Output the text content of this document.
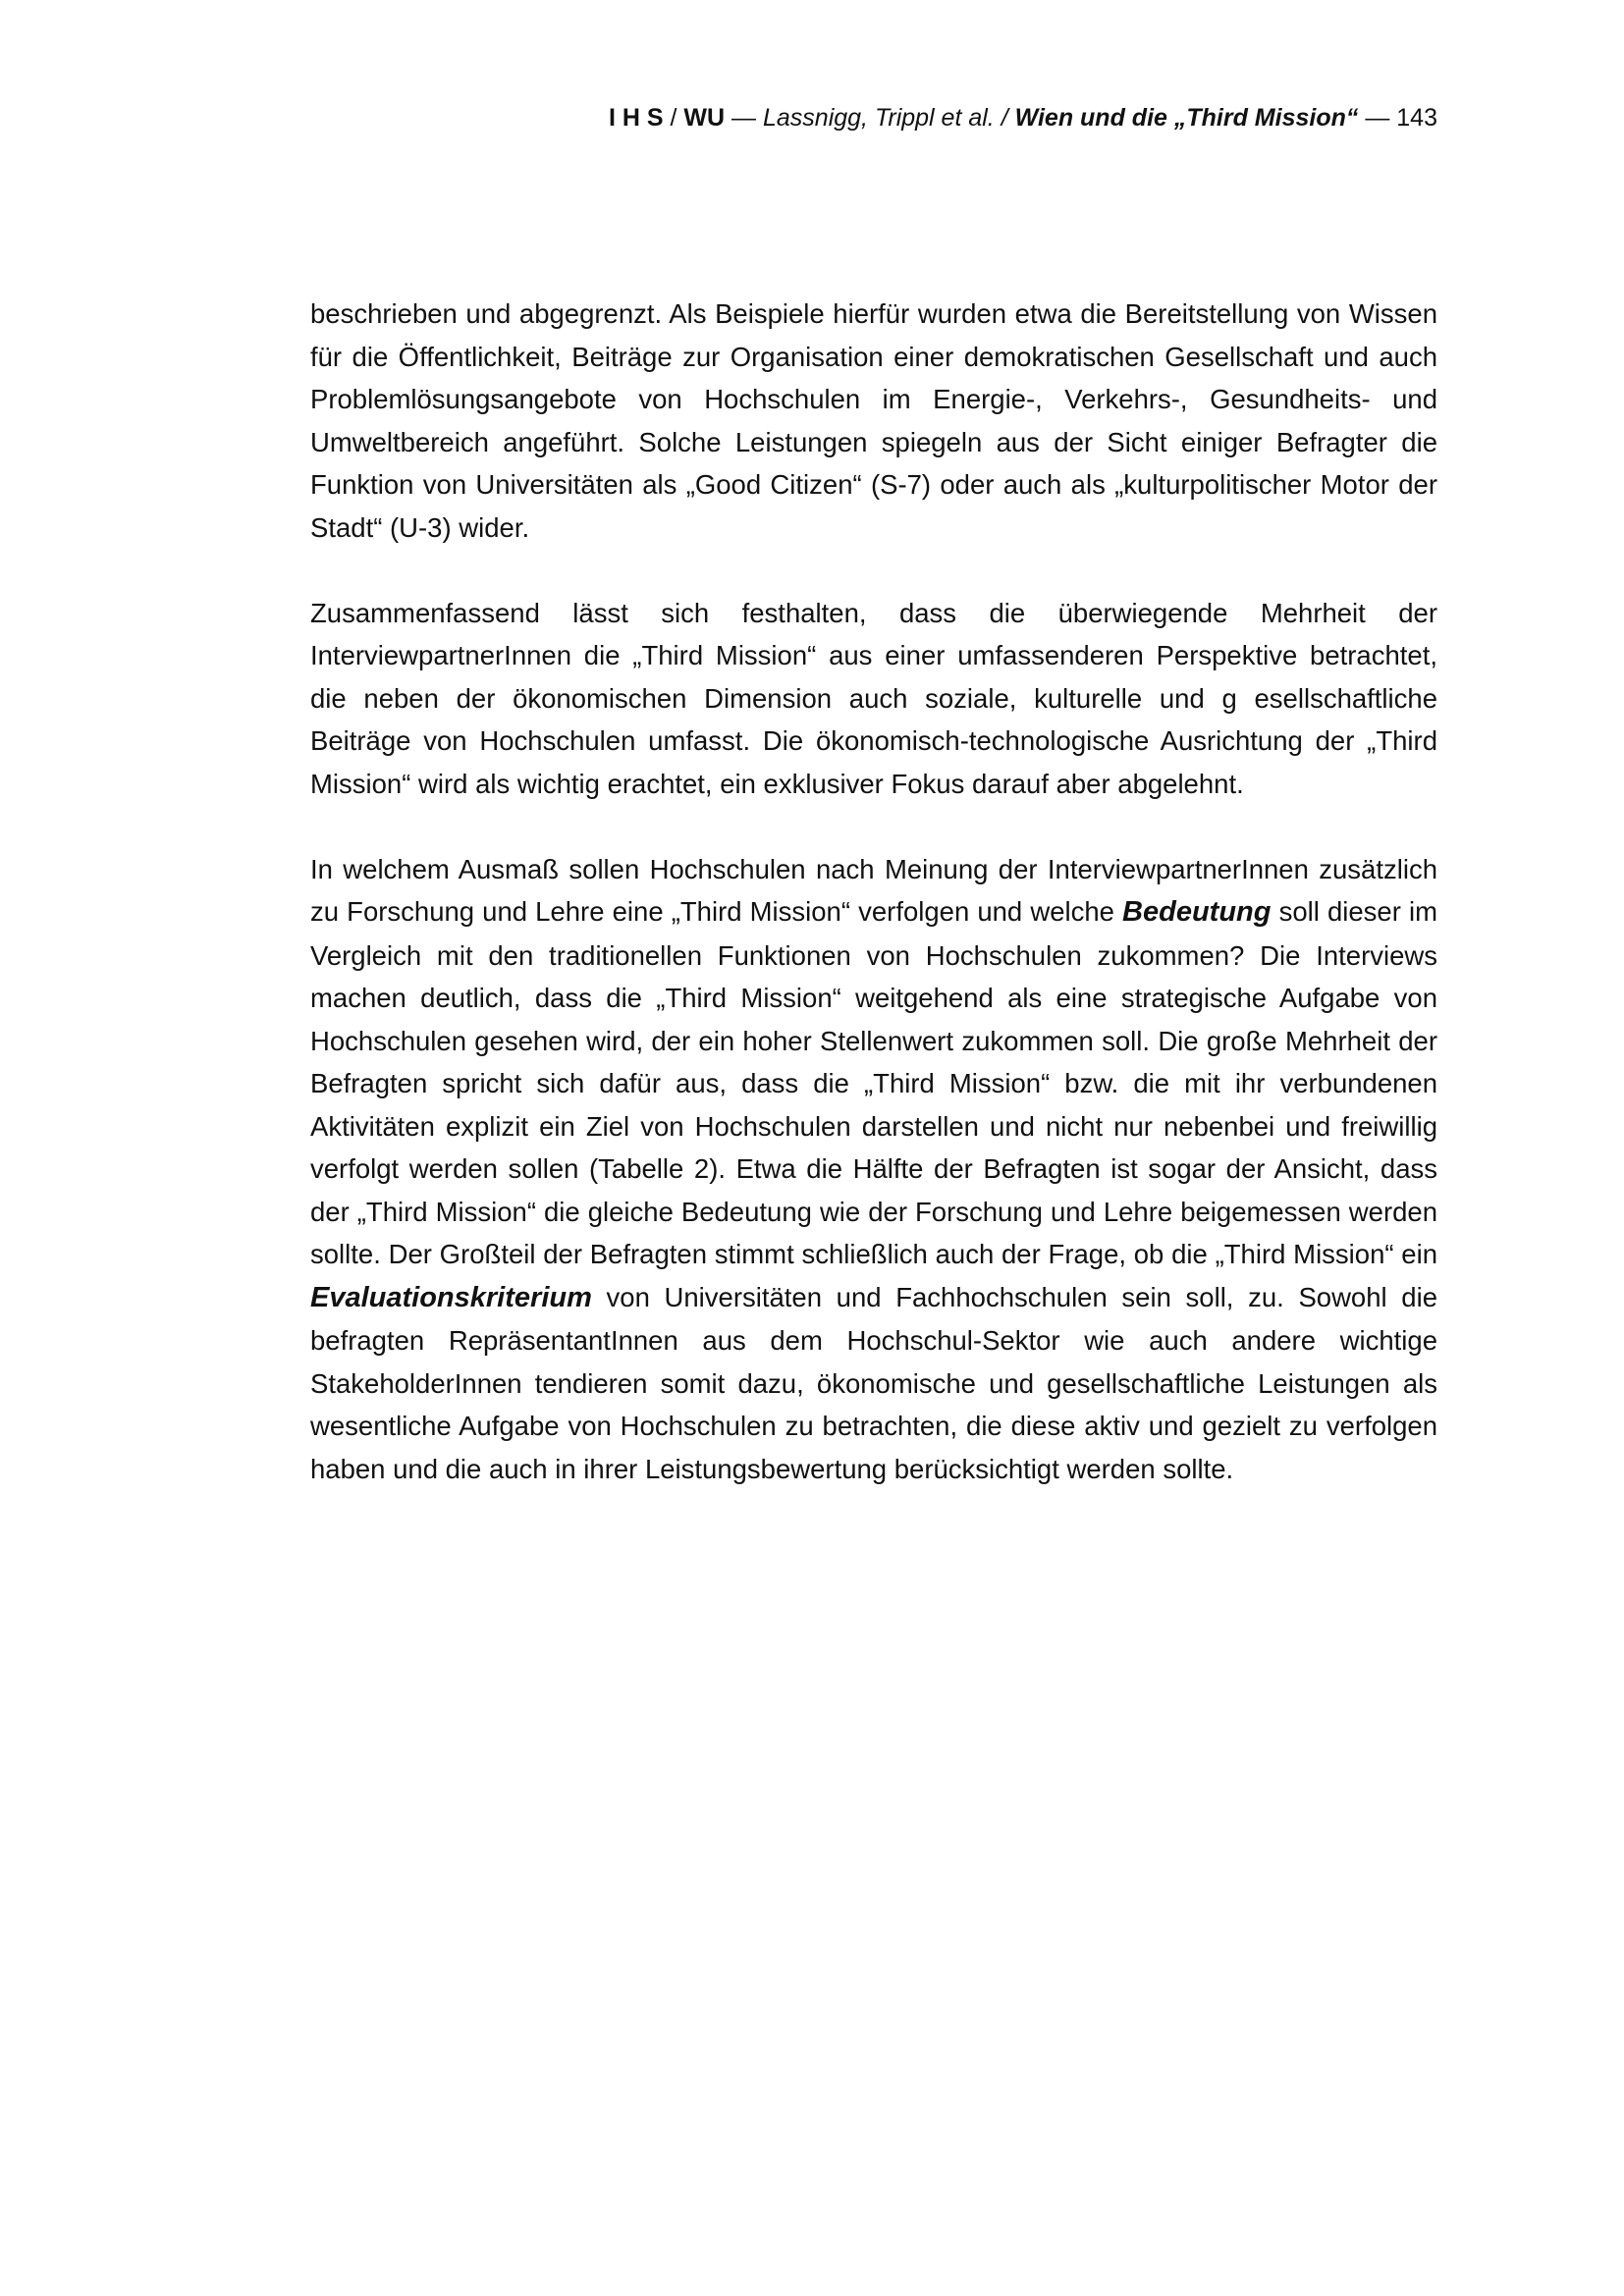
I H S / WU — Lassnigg, Trippl et al. / Wien und die „Third Mission“ — 143

beschrieben und abgegrenzt. Als Beispiele hierfür wurden etwa die Bereitstellung von Wissen für die Öffentlichkeit, Beiträge zur Organisation einer demokratischen Gesellschaft und auch Problemlösungsangebote von Hochschulen im Energie-, Verkehrs-, Gesundheits- und Umweltbereich angeführt. Solche Leistungen spiegeln aus der Sicht einiger Befragter die Funktion von Universitäten als „Good Citizen“ (S-7) oder auch als „kulturpolitischer Motor der Stadt“ (U-3) wider.

Zusammenfassend lässt sich festhalten, dass die überwiegende Mehrheit der InterviewpartnerInnen die „Third Mission“ aus einer umfassenderen Perspektive betrachtet, die neben der ökonomischen Dimension auch soziale, kulturelle und g esellschaftliche Beiträge von Hochschulen umfasst. Die ökonomisch-technologische Ausrichtung der „Third Mission“ wird als wichtig erachtet, ein exklusiver Fokus darauf aber abgelehnt.

In welchem Ausmaß sollen Hochschulen nach Meinung der InterviewpartnerInnen zusätzlich zu Forschung und Lehre eine „Third Mission“ verfolgen und welche Bedeutung soll dieser im Vergleich mit den traditionellen Funktionen von Hochschulen zukommen? Die Interviews machen deutlich, dass die „Third Mission“ weitgehend als eine strategische Aufgabe von Hochschulen gesehen wird, der ein hoher Stellenwert zukommen soll. Die große Mehrheit der Befragten spricht sich dafür aus, dass die „Third Mission“ bzw. die mit ihr verbundenen Aktivitäten explizit ein Ziel von Hochschulen darstellen und nicht nur nebenbei und freiwillig verfolgt werden sollen (Tabelle 2). Etwa die Hälfte der Befragten ist sogar der Ansicht, dass der „Third Mission“ die gleiche Bedeutung wie der Forschung und Lehre beigemessen werden sollte. Der Großteil der Befragten stimmt schließlich auch der Frage, ob die „Third Mission“ ein Evaluationskriterium von Universitäten und Fachhochschulen sein soll, zu. Sowohl die befragten RepräsentantInnen aus dem Hochschul-Sektor wie auch andere wichtige StakeholderInnen tendieren somit dazu, ökonomische und gesellschaftliche Leistungen als wesentliche Aufgabe von Hochschulen zu betrachten, die diese aktiv und gezielt zu verfolgen haben und die auch in ihrer Leistungsbewertung berücksichtigt werden sollte.
